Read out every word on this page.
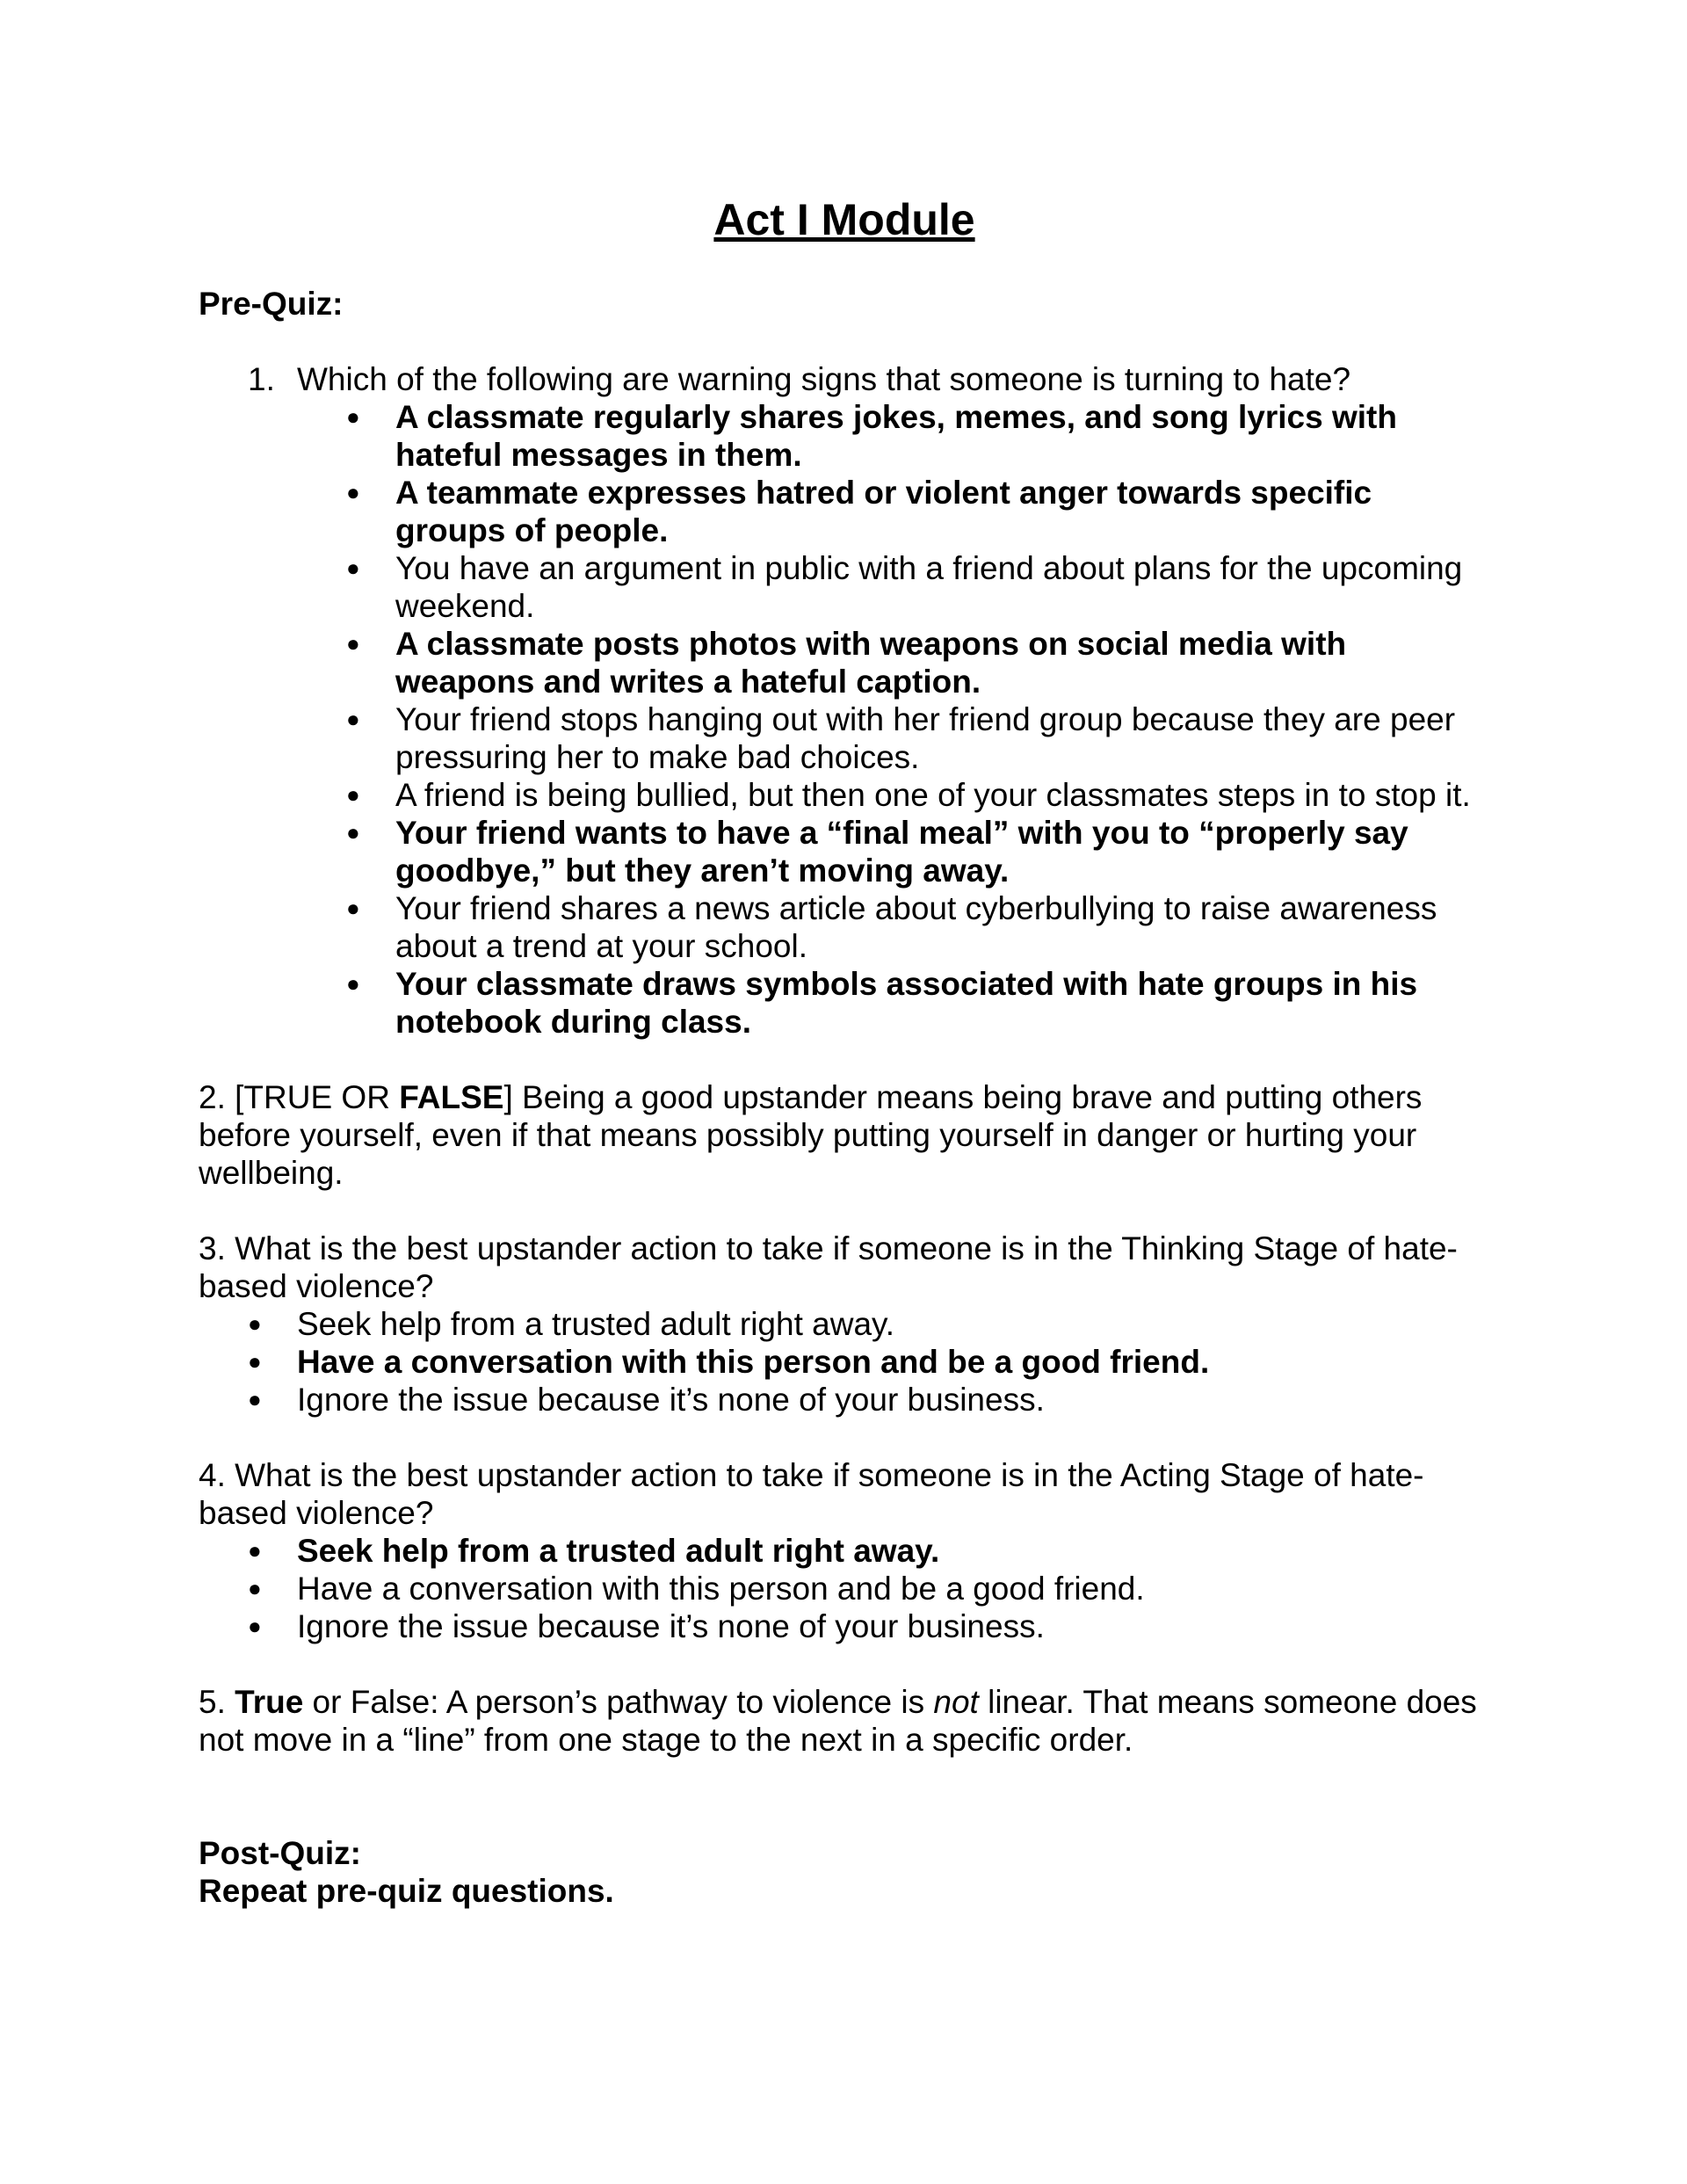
Act I Module

Pre-Quiz:

1. Which of the following are warning signs that someone is turning to hate?

● A classmate regularly shares jokes, memes, and song lyrics with hateful messages in them.
● A teammate expresses hatred or violent anger towards specific groups of people.
● You have an argument in public with a friend about plans for the upcoming weekend.
● A classmate posts photos with weapons on social media with weapons and writes a hateful caption.
● Your friend stops hanging out with her friend group because they are peer pressuring her to make bad choices.
● A friend is being bullied, but then one of your classmates steps in to stop it.
● Your friend wants to have a “final meal” with you to “properly say goodbye,” but they aren’t moving away.
● Your friend shares a news article about cyberbullying to raise awareness about a trend at your school.
● Your classmate draws symbols associated with hate groups in his notebook during class.

2. [TRUE OR FALSE] Being a good upstander means being brave and putting others before yourself, even if that means possibly putting yourself in danger or hurting your wellbeing.

3. What is the best upstander action to take if someone is in the Thinking Stage of hate-based violence?

● Seek help from a trusted adult right away.
● Have a conversation with this person and be a good friend.
● Ignore the issue because it’s none of your business.

4. What is the best upstander action to take if someone is in the Acting Stage of hate-based violence?

● Seek help from a trusted adult right away.
● Have a conversation with this person and be a good friend.
● Ignore the issue because it’s none of your business.

5. True or False: A person’s pathway to violence is not linear. That means someone does not move in a “line” from one stage to the next in a specific order.

Post-Quiz:

Repeat pre-quiz questions.
